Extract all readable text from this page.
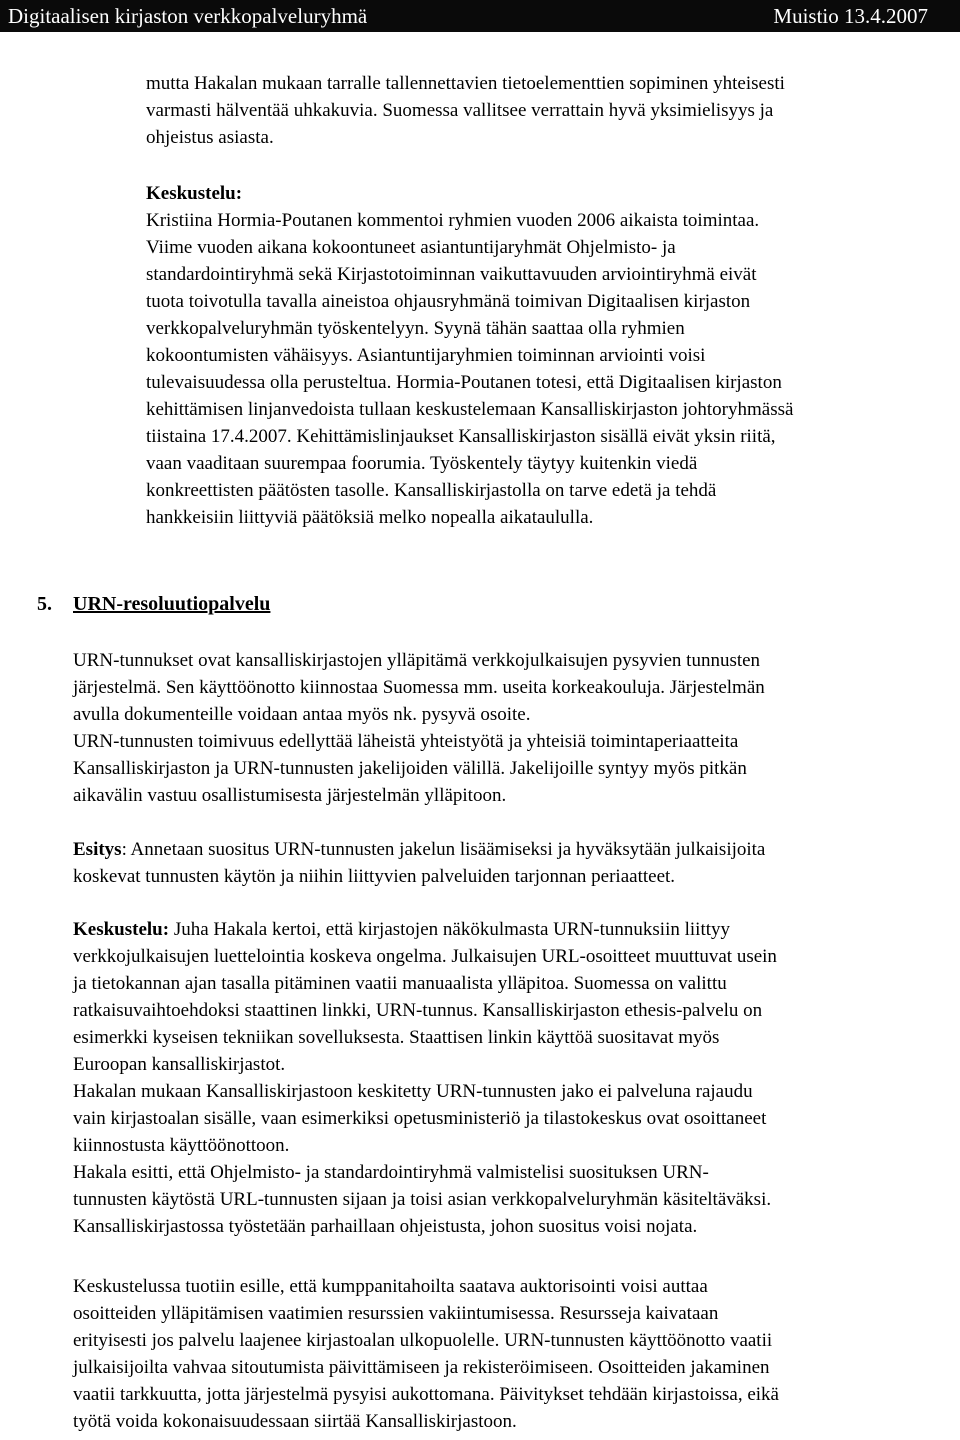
Digitaalisen kirjaston verkkopalveluryhmä	Muistio 13.4.2007
mutta Hakalan mukaan tarralle tallennettavien tietoelementtien sopiminen yhteisesti
varmasti hälventää uhkakuvia. Suomessa vallitsee verrattain hyvä yksimielisyys ja
ohjeistus asiasta.
Keskustelu:
Kristiina Hormia-Poutanen kommentoi ryhmien vuoden 2006 aikaista toimintaa.
Viime vuoden aikana kokoontuneet asiantuntijaryhmät Ohjelmisto- ja
standardointiryhmä sekä Kirjastotoiminnan vaikuttavuuden arviointiryhmä eivät
tuota toivotulla tavalla aineistoa ohjausryhmänä toimivan Digitaalisen kirjaston
verkkopalveluryhmän työskentelyyn. Syynä tähän saattaa olla ryhmien
kokoontumisten vähäisyys. Asiantuntijaryhmien toiminnan arviointi voisi
tulevaisuudessa olla perusteltua. Hormia-Poutanen totesi, että Digitaalisen kirjaston
kehittämisen linjanvedoista tullaan keskustelemaan Kansalliskirjaston johtoryhmässä
tiistaina 17.4.2007. Kehittämislinjaukset Kansalliskirjaston sisällä eivät yksin riitä,
vaan vaaditaan suurempaa foorumia. Työskentely täytyy kuitenkin viedä
konkreettisten päätösten tasolle. Kansalliskirjastolla on tarve edetä ja tehdä
hankkeisiin liittyviä päätöksiä melko nopealla aikataululla.
5. URN-resoluutiopalvelu
URN-tunnukset ovat kansalliskirjastojen ylläpitämä verkkojulkaisujen pysyvien tunnusten
järjestelmä. Sen käyttöönotto kiinnostaa Suomessa mm. useita korkeakouluja. Järjestelmän
avulla dokumenteille voidaan antaa myös nk. pysyvä osoite.
URN-tunnusten toimivuus edellyttää läheistä yhteistyötä ja yhteisiä toimintaperiaatteita
Kansalliskirjaston ja URN-tunnusten jakelijoiden välillä. Jakelijoille syntyy myös pitkän
aikavälin vastuu osallistumisesta järjestelmän ylläpitoon.
Esitys: Annetaan suositus URN-tunnusten jakelun lisäämiseksi ja hyväksytään julkaisijoita
koskevat tunnusten käytön ja niihin liittyvien palveluiden tarjonnan periaatteet.
Keskustelu: Juha Hakala kertoi, että kirjastojen näkökulmasta URN-tunnuksiin liittyy
verkkojulkaisujen luettelointia koskeva ongelma. Julkaisujen URL-osoitteet muuttuvat usein
ja tietokannan ajan tasalla pitäminen vaatii manuaalista ylläpitoa. Suomessa on valittu
ratkaisuvaihtoehdoksi staattinen linkki, URN-tunnus. Kansalliskirjaston ethesis-palvelu on
esimerkki kyseisen tekniikan sovelluksesta. Staattisen linkin käyttöä suositavat myös
Euroopan kansalliskirjastot.
Hakalan mukaan Kansalliskirjastoon keskitetty URN-tunnusten jako ei palveluna rajaudu
vain kirjastoalan sisälle, vaan esimerkiksi opetusministeriö ja tilastokeskus ovat osoittaneet
kiinnostusta käyttöönottoon.
Hakala esitti, että Ohjelmisto- ja standardointiryhmä valmistelisi suosituksen URN-
tunnusten käytöstä URL-tunnusten sijaan ja toisi asian verkkopalveluryhmän käsiteltäväksi.
Kansalliskirjastossa työstetään parhaillaan ohjeistusta, johon suositus voisi nojata.
Keskustelussa tuotiin esille, että kumppanitahoilta saatava auktorisointi voisi auttaa
osoitteiden ylläpitämisen vaatimien resurssien vakiintumisessa. Resursseja kaivataan
erityisesti jos palvelu laajenee kirjastoalan ulkopuolelle. URN-tunnusten käyttöönotto vaatii
julkaisijoilta vahvaa sitoutumista päivittämiseen ja rekisteröimiseen. Osoitteiden jakaminen
vaatii tarkkuutta, jotta järjestelmä pysyisi aukottomana. Päivitykset tehdään kirjastoissa, eikä
työtä voida kokonaisuudessaan siirtää Kansalliskirjastoon.
